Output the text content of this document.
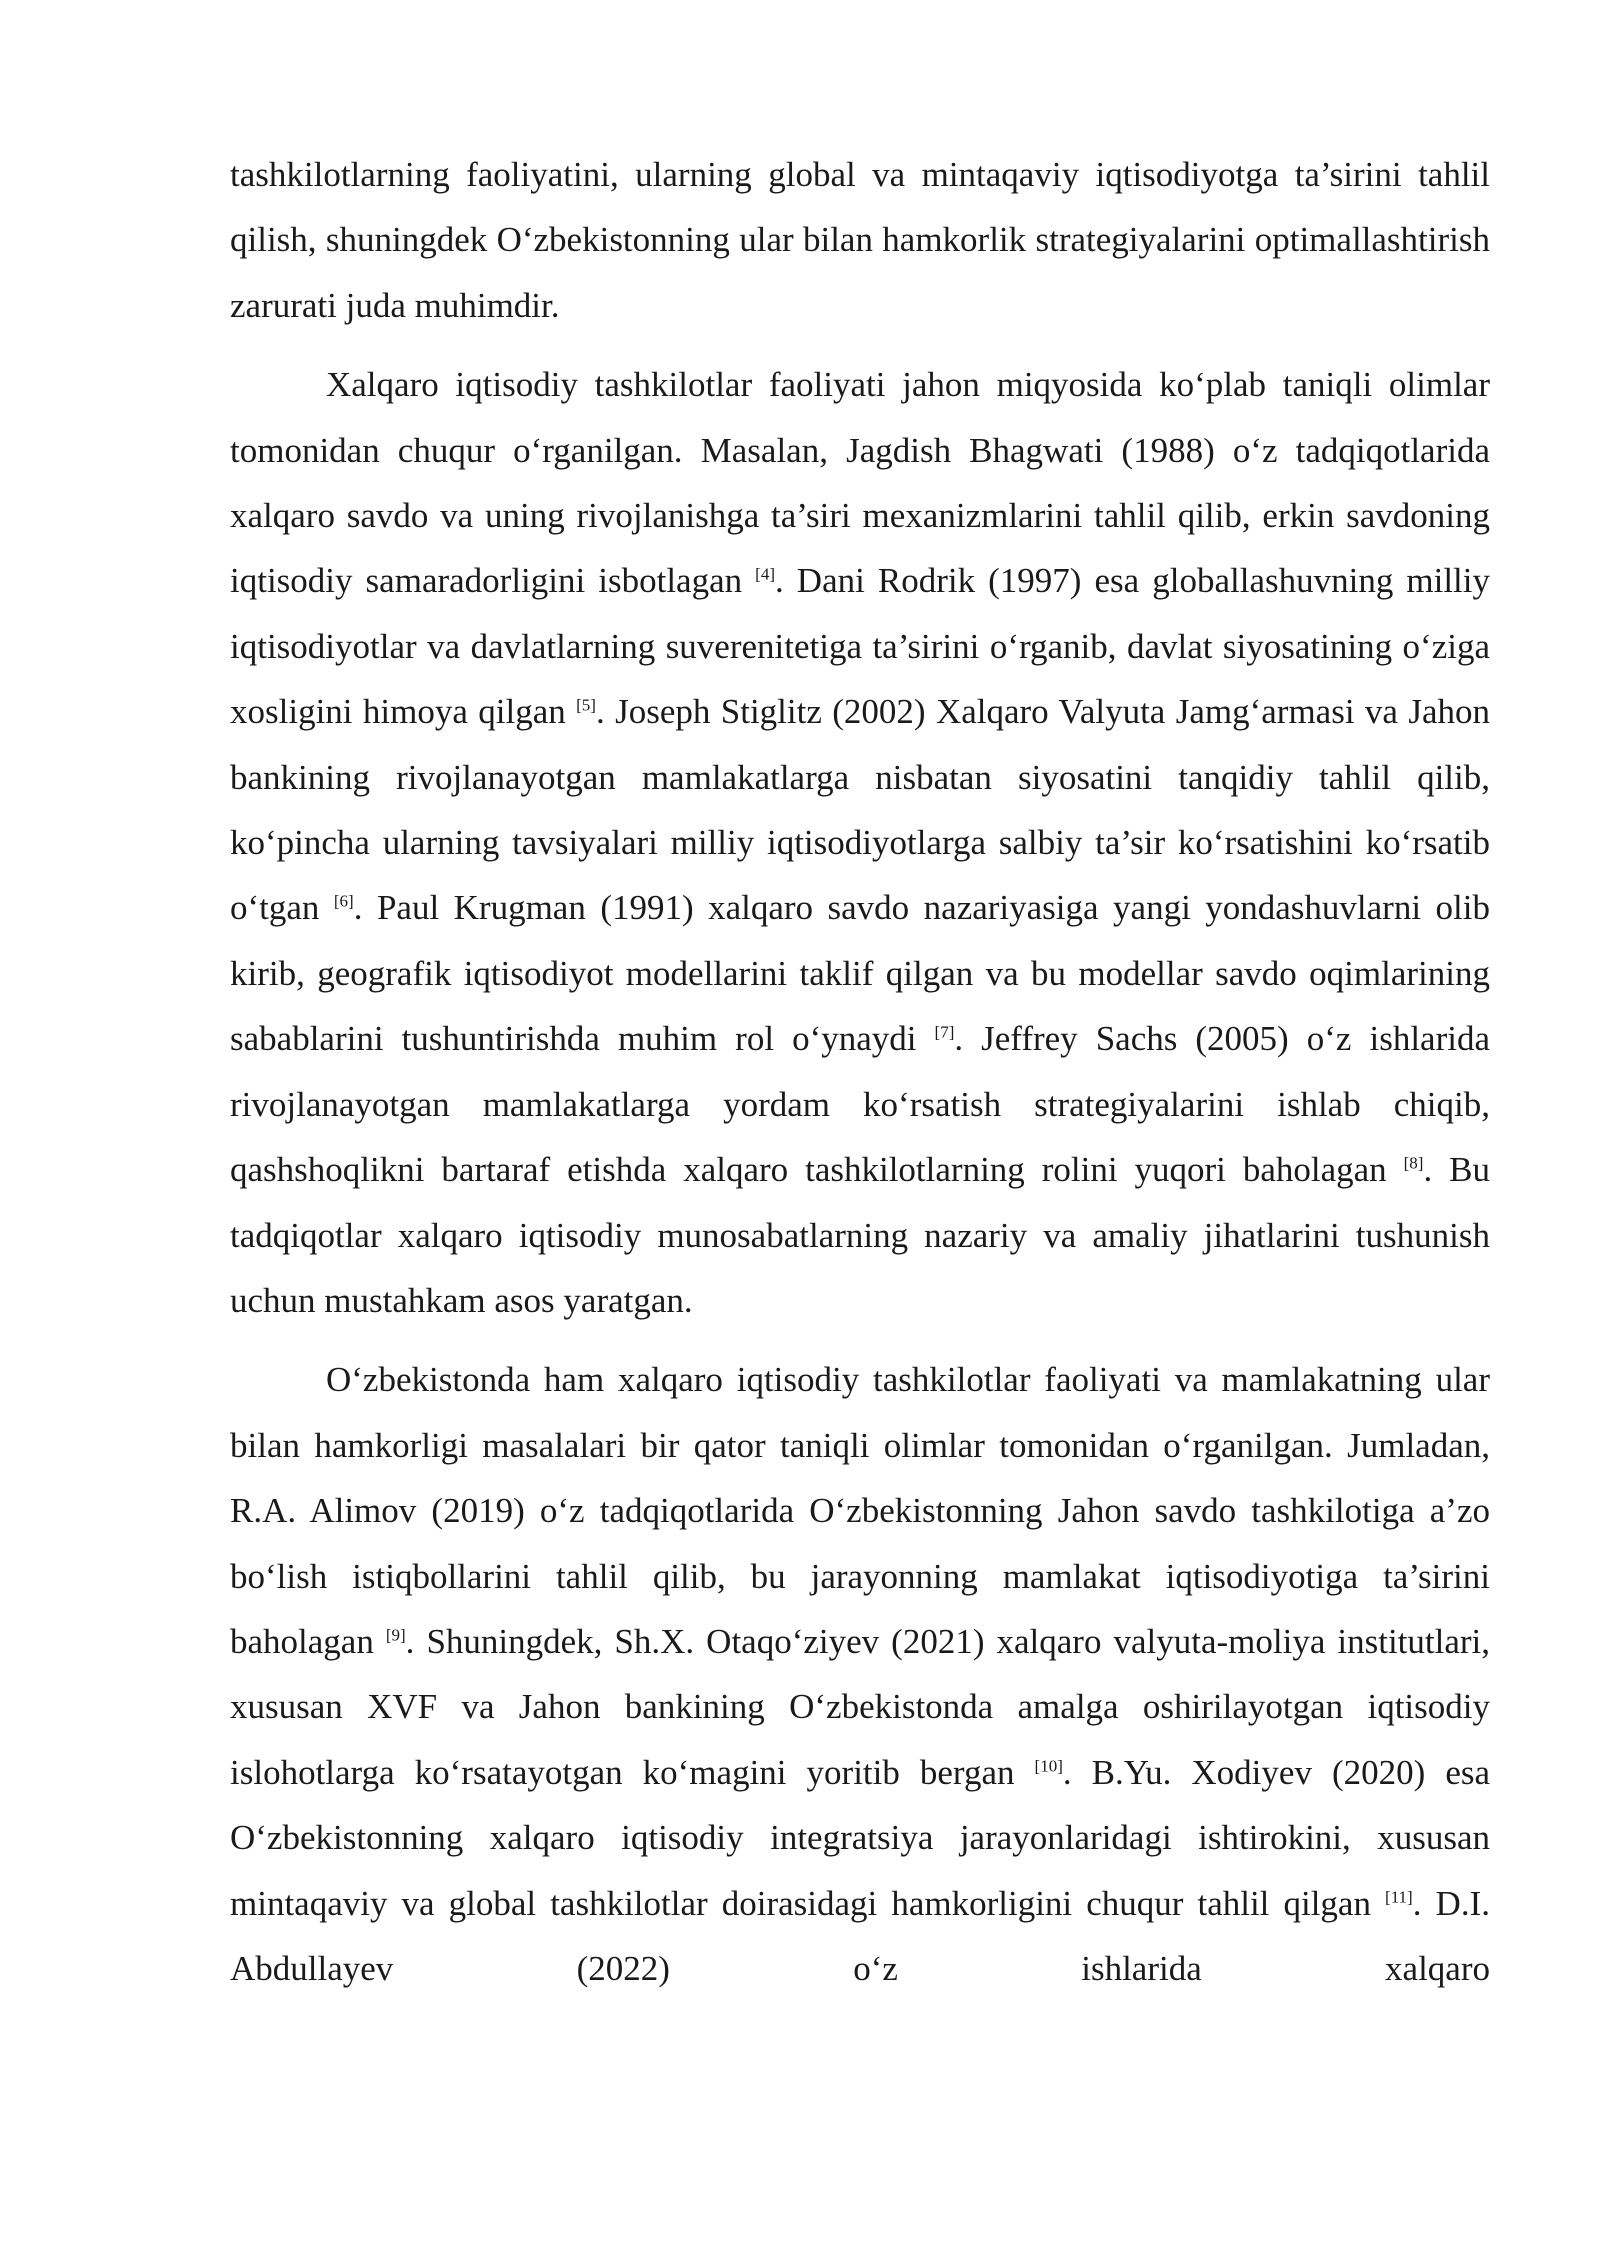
tashkilotlarning faoliyatini, ularning global va mintaqaviy iqtisodiyotga ta’sirini tahlil qilish, shuningdek O‘zbekistonning ular bilan hamkorlik strategiyalarini optimallashtirish zarurati juda muhimdir.

Xalqaro iqtisodiy tashkilotlar faoliyati jahon miqyosida ko‘plab taniqli olimlar tomonidan chuqur o‘rganilgan. Masalan, Jagdish Bhagwati (1988) o‘z tadqiqotlarida xalqaro savdo va uning rivojlanishga ta’siri mexanizmlarini tahlil qilib, erkin savdoning iqtisodiy samaradorligini isbotlagan [4]. Dani Rodrik (1997) esa globallashuvning milliy iqtisodiyotlar va davlatlarning suverenitetiga ta’sirini o‘rganib, davlat siyosatining o‘ziga xosligini himoya qilgan [5]. Joseph Stiglitz (2002) Xalqaro Valyuta Jamg‘armasi va Jahon bankining rivojlanayotgan mamlakatlarga nisbatan siyosatini tanqidiy tahlil qilib, ko‘pincha ularning tavsiyalari milliy iqtisodiyotlarga salbiy ta’sir ko‘rsatishini ko‘rsatib o‘tgan [6]. Paul Krugman (1991) xalqaro savdo nazariyasiga yangi yondashuvlarni olib kirib, geografik iqtisodiyot modellarini taklif qilgan va bu modellar savdo oqimlarining sabablarini tushuntirishda muhim rol o‘ynaydi [7]. Jeffrey Sachs (2005) o‘z ishlarida rivojlanayotgan mamlakatlarga yordam ko‘rsatish strategiyalarini ishlab chiqib, qashshoqlikni bartaraf etishda xalqaro tashkilotlarning rolini yuqori baholagan [8]. Bu tadqiqotlar xalqaro iqtisodiy munosabatlarning nazariy va amaliy jihatlarini tushunish uchun mustahkam asos yaratgan.

O‘zbekistonda ham xalqaro iqtisodiy tashkilotlar faoliyati va mamlakatning ular bilan hamkorligi masalalari bir qator taniqli olimlar tomonidan o‘rganilgan. Jumladan, R.A. Alimov (2019) o‘z tadqiqotlarida O‘zbekistonning Jahon savdo tashkilotiga a’zo bo‘lish istiqbollarini tahlil qilib, bu jarayonning mamlakat iqtisodiyotiga ta’sirini baholagan [9]. Shuningdek, Sh.X. Otaqo‘ziyev (2021) xalqaro valyuta-moliya institutlari, xususan XVF va Jahon bankining O‘zbekistonda amalga oshirilayotgan iqtisodiy islohotlarga ko‘rsatayotgan ko‘magini yoritib bergan [10]. B.Yu. Xodiyev (2020) esa O‘zbekistonning xalqaro iqtisodiy integratsiya jarayonlaridagi ishtirokini, xususan mintaqaviy va global tashkilotlar doirasidagi hamkorligini chuqur tahlil qilgan [11]. D.I. Abdullayev (2022) o‘z ishlarida xalqaro
